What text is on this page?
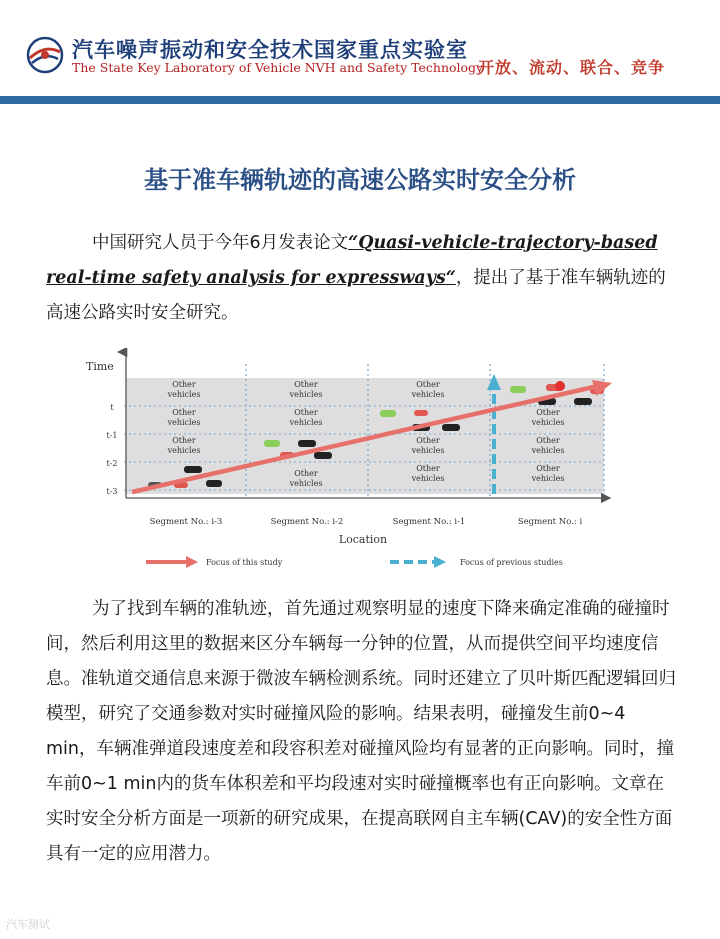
汽车噪声振动和安全技术国家重点实验室
The State Key Laboratory of Vehicle NVH and Safety Technology
开放、流动、联合、竞争
基于准车辆轨迹的高速公路实时安全分析
中国研究人员于今年6月发表论文“Quasi-vehicle-trajectory-based real-time safety analysis for expressways“，提出了基于准车辆轨迹的高速公路实时安全研究。
Time
t
t-1
t-2
t-3
Other vehicles
Other vehicles
Other vehicles
Other vehicles
Other vehicles
Other vehicles
Other vehicles
Other vehicles
Other vehicles
Other vehicles
Other vehicles
Other vehicles
Segment No.: i-3	Segment No.: i-2	Segment No.: i-1	Segment No.: i
Location
Focus of this study	Focus of previous studies
为了找到车辆的准轨迹，首先通过观察明显的速度下降来确定准确的碰撞时间，然后利用这里的数据来区分车辆每一分钟的位置，从而提供空间平均速度信息。准轨道交通信息来源于微波车辆检测系统。同时还建立了贝叶斯匹配逻辑回归模型，研究了交通参数对实时碰撞风险的影响。结果表明，碰撞发生前0~4 min，车辆准弹道段速度差和段容积差对碰撞风险均有显著的正向影响。同时，撞车前0~1 min内的货车体积差和平均段速对实时碰撞概率也有正向影响。文章在实时安全分析方面是一项新的研究成果，在提高联网自主车辆(CAV)的安全性方面具有一定的应用潜力。
汽车测试
